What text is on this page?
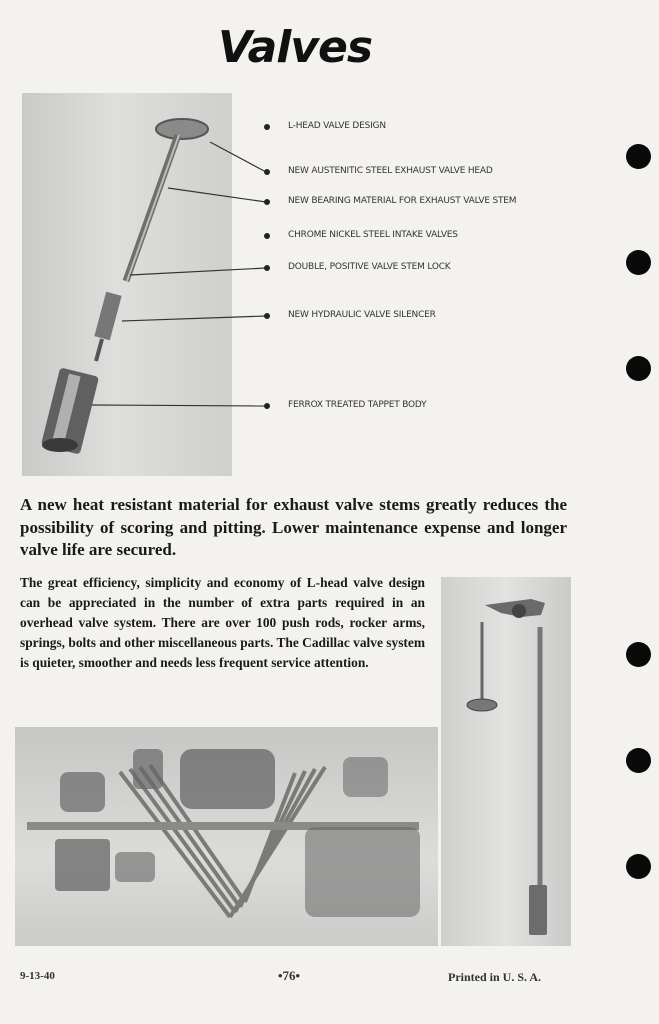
Valves
L-HEAD VALVE DESIGN
NEW AUSTENITIC STEEL EXHAUST VALVE HEAD
NEW BEARING MATERIAL FOR EXHAUST VALVE STEM
CHROME NICKEL STEEL INTAKE VALVES
DOUBLE, POSITIVE VALVE STEM LOCK
NEW HYDRAULIC VALVE SILENCER
FERROX TREATED TAPPET BODY
A new heat resistant material for exhaust valve stems greatly reduces the possibility of scoring and pitting. Lower maintenance expense and longer valve life are secured.
The great efficiency, simplicity and economy of L-head valve design can be appreciated in the number of extra parts required in an overhead valve system. There are over 100 push rods, rocker arms, springs, bolts and other miscellaneous parts. The Cadillac valve system is quieter, smoother and needs less frequent service attention.
9-13-40	•76•	Printed in U. S. A.
